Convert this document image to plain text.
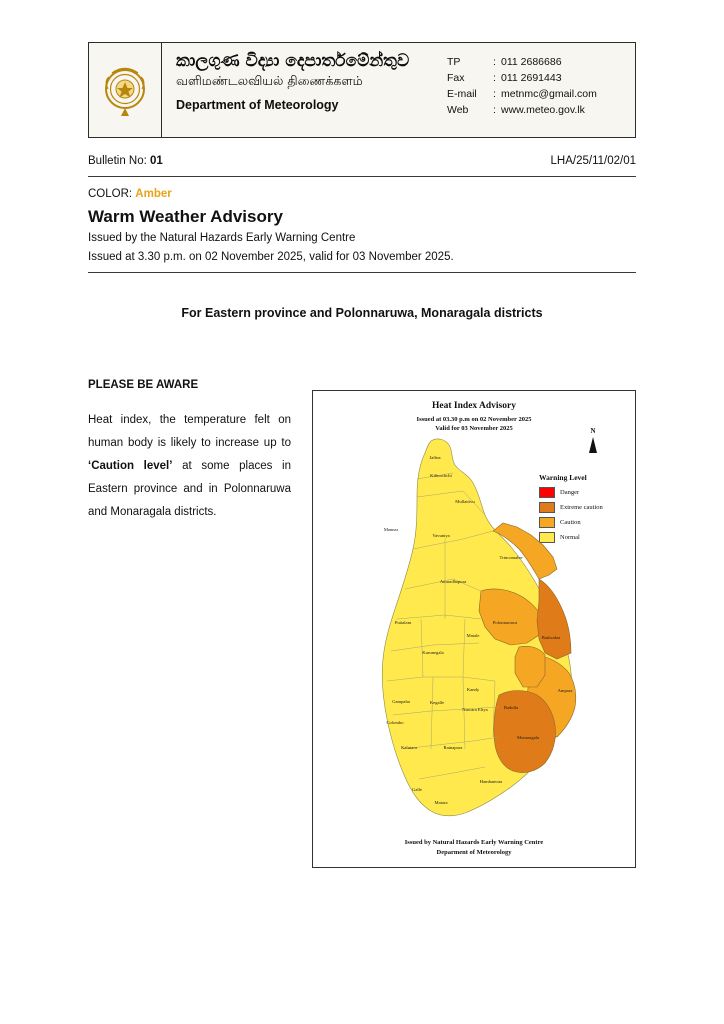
කාලගුණ විද්‍යා දෙපාර්තමේන්තුව
வளிமண்டலவியல் திணைக்களம்
Department of Meteorology
TP	: 011 2686686
Fax	: 011 2691443
E-mail	: metnmc@gmail.com
Web	: www.meteo.gov.lk
Bulletin No: 01	LHA/25/11/02/01
COLOR: Amber
Warm Weather Advisory
Issued by the Natural Hazards Early Warning Centre
Issued at 3.30 p.m. on 02 November 2025, valid for 03 November 2025.
For Eastern province and Polonnaruwa, Monaragala districts
PLEASE BE AWARE
Heat index, the temperature felt on human body is likely to increase up to ‘Caution level’ at some places in Eastern province and in Polonnaruwa and Monaragala districts.
Heat Index Advisory
Issued at 03.30 p.m on 02 November 2025
Valid for 03 November 2025	N
Warning Level
Danger
Extreme caution
Caution
Normal
Jaffna
Kilinochchi
Mannar
Mullaitivu
Vavuniya
Anuradhapura
Trincomalee
Puttalam	Polonnaruwa
Batticaloa
Matale
Kurunegala
Kandy	Ampara
Gampaha	Kegalle
Nuwara Eliya	Badulla
Colombo
Monaragala
Kalutara	Ratnapura
Hambantota
Galle
Matara
Issued by Natural Hazards Early Warning Centre
Deparment of Meteorology
